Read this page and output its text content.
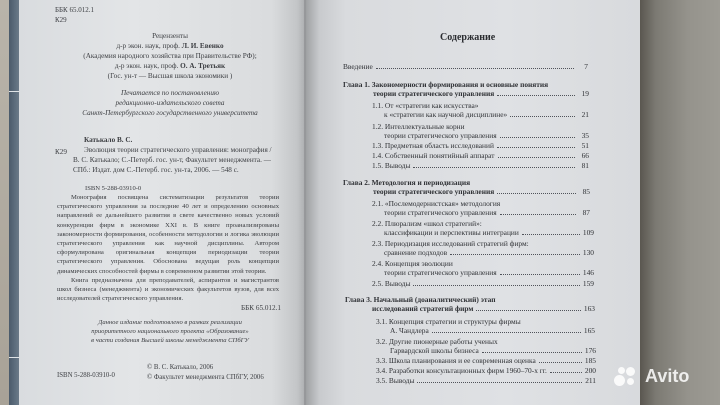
ББК 65.012.1
К29
Рецензенты
д-р экон. наук, проф. Л. И. Евенко
(Академия народного хозяйства при Правительстве РФ);
д-р экон. наук, проф. О. А. Третьяк
(Гос. ун-т — Высшая школа экономики )
Печатается по постановлению
редакционно-издательского совета
Санкт-Петербургского государственного университета
Катькало В. С.
К29 Эволюция теории стратегического управления: монография /
В. С. Катькало; С.-Петерб. гос. ун-т, Факультет менеджмента. —
СПб.: Издат. дом С.-Петерб. гос. ун-та, 2006. — 548 с.
ISBN 5-288-03910-0

Монография посвящена систематизации результатов теории стратегического управления за последние 40 лет и определению основных направлений ее дальнейшего развития в свете качественно новых условий конкуренции фирм в экономике XXI в. В книге проанализированы закономерности формирования, особенности методологии и логика эволюции стратегического управления как научной дисциплины. Автором сформулирована оригинальная концепция периодизации теории стратегического управления. Обоснована ведущая роль концепции динамических способностей фирмы в современном развитии этой теории.

Книга предназначена для преподавателей, аспирантов и магистрантов школ бизнеса (менеджмента) и экономических факультетов вузов, для всех исследователей стратегического управления.

ББК 65.012.1
Данное издание подготовлено в рамках реализации
приоритетного национального проекта «Образование»
в части создания Высшей школы менеджмента СПбГУ
ISBN 5-288-03910-0
© В. С. Катькало, 2006
© Факультет менеджмента СПбГУ, 2006
Содержание
Введение	7
Глава 1. Закономерности формирования и основные понятия
теории стратегического управления	19
1.1. От «стратегии как искусства»
к «стратегии как научной дисциплине»	21
1.2. Интеллектуальные корни
теории стратегического управления	35
1.3. Предметная область исследований	51
1.4. Собственный понятийный аппарат	66
1.5. Выводы	81
Глава 2. Методология и периодизация
теории стратегического управления	85
2.1. «Послемодернистская» методология
теории стратегического управления	87
2.2. Плюрализм «школ стратегий»:
классификации и перспективы интеграции	109
2.3. Периодизация исследований стратегий фирм:
сравнение подходов	130
2.4. Концепция эволюции
теории стратегического управления	146
2.5. Выводы	159
Глава 3. Начальный (доаналитический) этап
исследований стратегий фирм	163
3.1. Концепция стратегии и структуры фирмы
А. Чандлера	165
3.2. Другие пионерные работы ученых
Гарвардской школы бизнеса	176
3.3. Школа планирования и ее современная оценка	185
3.4. Разработки консультационных фирм 1960–70-х гг.	200
3.5. Выводы	211	Avito
